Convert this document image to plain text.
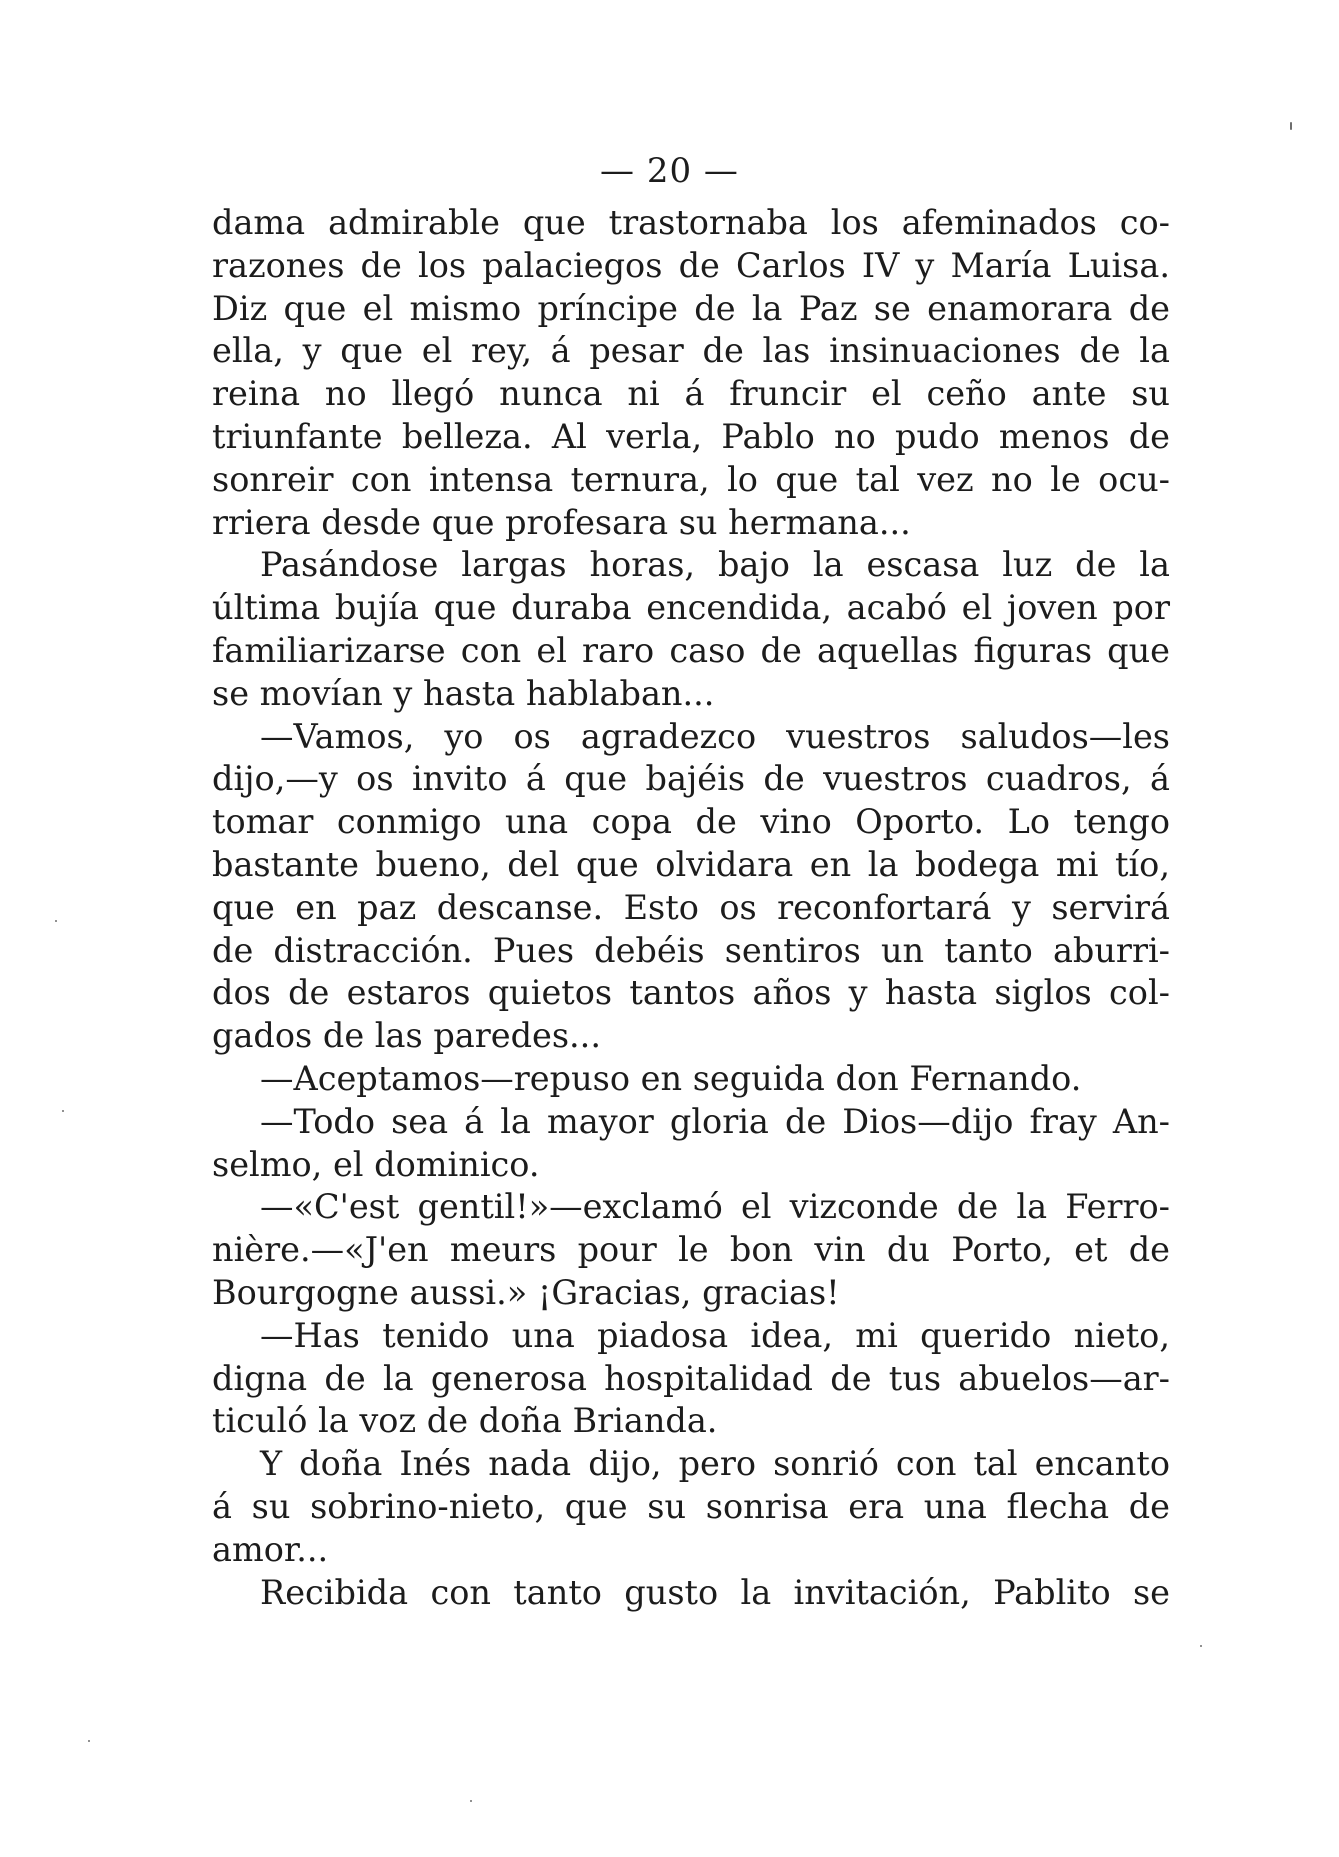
— 20 —
dama admirable que trastornaba los afeminados co-
razones de los palaciegos de Carlos IV y María Luisa.
Diz que el mismo príncipe de la Paz se enamorara de
ella, y que el rey, á pesar de las insinuaciones de la
reina no llegó nunca ni á fruncir el ceño ante su
triunfante belleza. Al verla, Pablo no pudo menos de
sonreir con intensa ternura, lo que tal vez no le ocu-
rriera desde que profesara su hermana...
Pasándose largas horas, bajo la escasa luz de la
última bujía que duraba encendida, acabó el joven por
familiarizarse con el raro caso de aquellas figuras que
se movían y hasta hablaban...
—Vamos, yo os agradezco vuestros saludos—les
dijo,—y os invito á que bajéis de vuestros cuadros, á
tomar conmigo una copa de vino Oporto. Lo tengo
bastante bueno, del que olvidara en la bodega mi tío,
que en paz descanse. Esto os reconfortará y servirá
de distracción. Pues debéis sentiros un tanto aburri-
dos de estaros quietos tantos años y hasta siglos col-
gados de las paredes...
—Aceptamos—repuso en seguida don Fernando.
—Todo sea á la mayor gloria de Dios—dijo fray An-
selmo, el dominico.
—«C'est gentil!»—exclamó el vizconde de la Ferro-
nière.—«J'en meurs pour le bon vin du Porto, et de
Bourgogne aussi.» ¡Gracias, gracias!
—Has tenido una piadosa idea, mi querido nieto,
digna de la generosa hospitalidad de tus abuelos—ar-
ticuló la voz de doña Brianda.
Y doña Inés nada dijo, pero sonrió con tal encanto
á su sobrino-nieto, que su sonrisa era una flecha de
amor...
Recibida con tanto gusto la invitación, Pablito se
